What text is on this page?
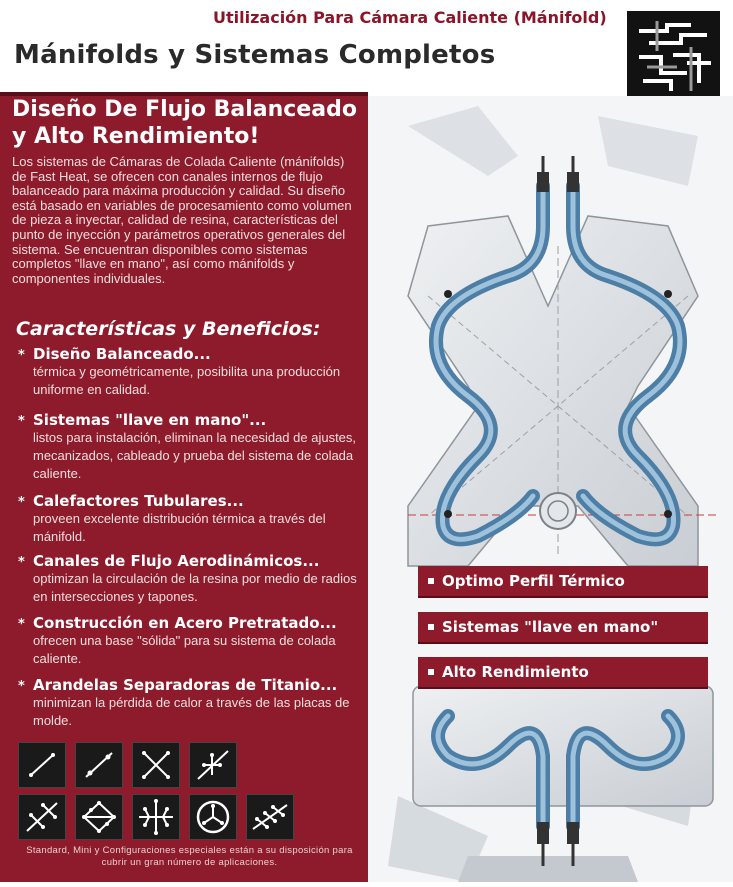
Utilización Para Cámara Caliente (Mánifold)
Mánifolds y Sistemas Completos
Diseño De Flujo Balanceado y Alto Rendimiento!
Los sistemas de Cámaras de Colada Caliente (mánifolds) de Fast Heat, se ofrecen con canales internos de flujo balanceado para máxima producción y calidad. Su diseño está basado en variables de procesamiento como volumen de pieza a inyectar, calidad de resina, características del punto de inyección y parámetros operativos generales del sistema. Se encuentran disponibles como sistemas completos "llave en mano", así como mánifolds y componentes individuales.
Características y Beneficios:
* Diseño Balanceado...
térmica y geométricamente, posibilita una producción uniforme en calidad.
* Sistemas "llave en mano"...
listos para instalación, eliminan la necesidad de ajustes, mecanizados, cableado y prueba del sistema de colada caliente.
* Calefactores Tubulares...
proveen excelente distribución térmica a través del mánifold.
* Canales de Flujo Aerodinámicos...
optimizan la circulación de la resina por medio de radios en intersecciones y tapones.
* Construcción en Acero Pretratado...
ofrecen una base "sólida" para su sistema de colada caliente.
* Arandelas Separadoras de Titanio...
minimizan la pérdida de calor a través de las placas de molde.
Standard, Mini y Configuraciones especiales están a su disposición para cubrir un gran número de aplicaciones.
Optimo Perfil Térmico
Sistemas "llave en mano"
Alto Rendimiento
